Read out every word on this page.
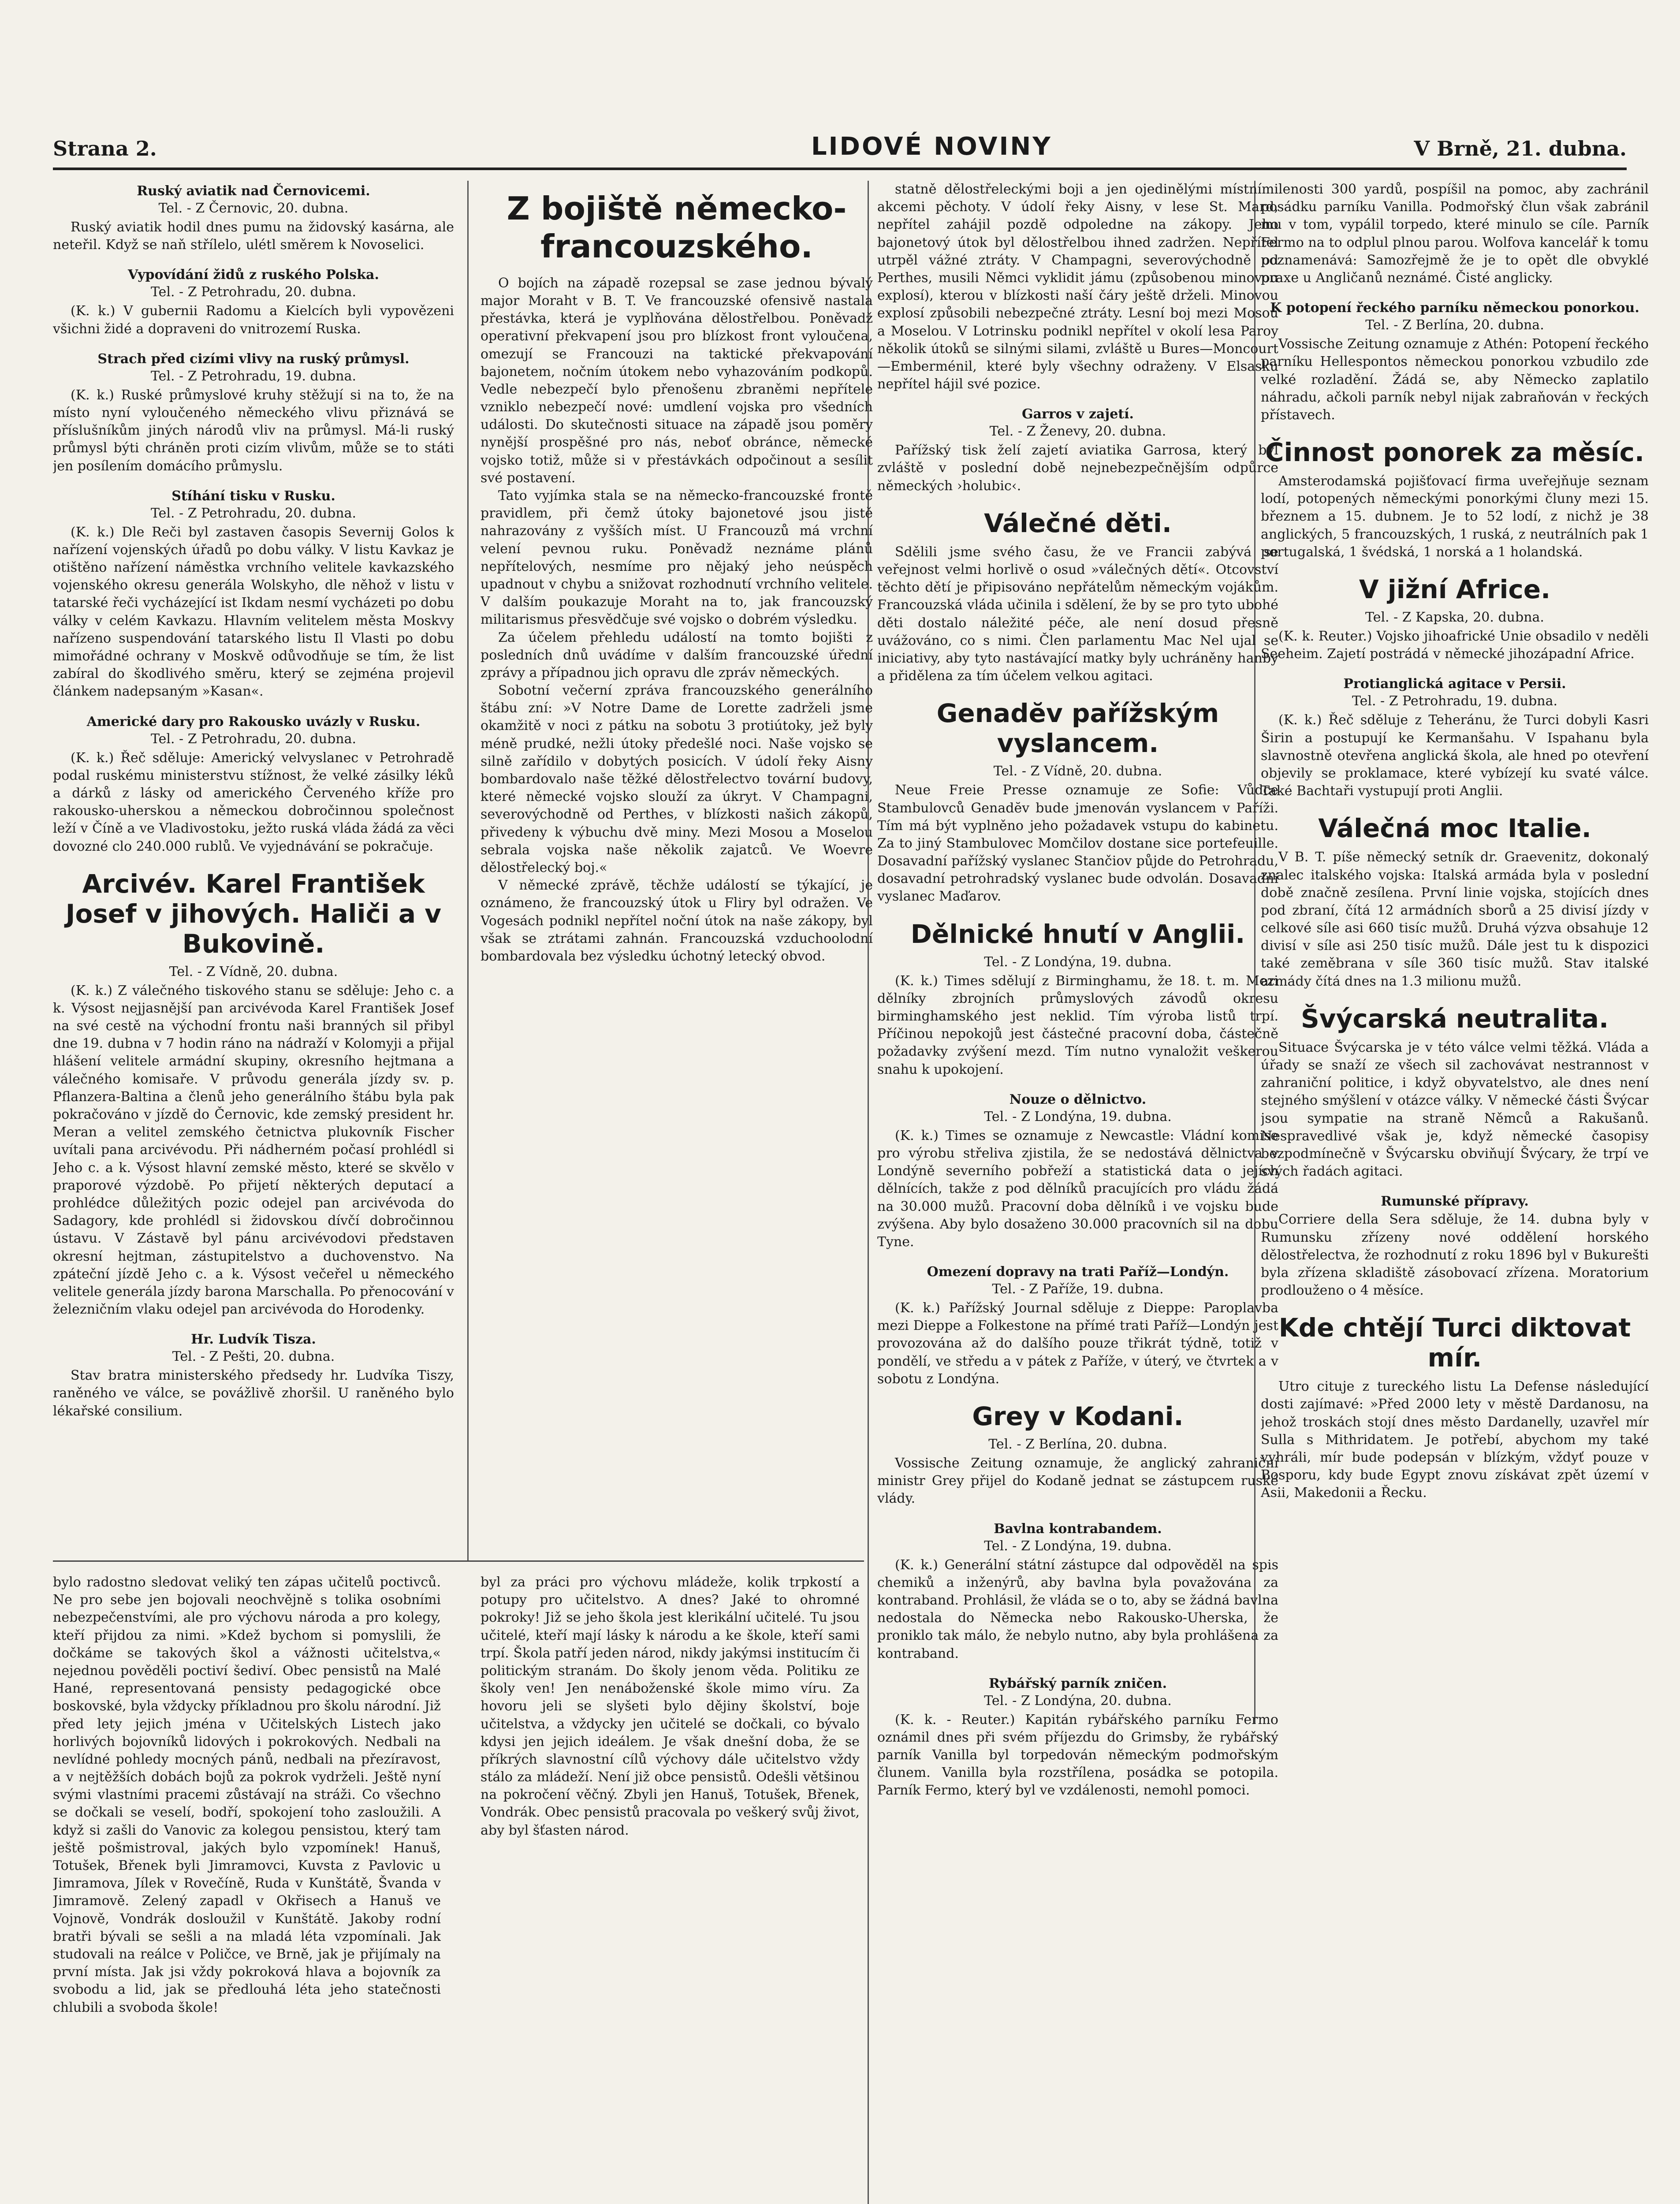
Strana 2.	LIDOVÉ NOVINY	V Brně, 21. dubna.
Ruský aviatik nad Černovicemi.
Tel. - Z Černovic, 20. dubna.

Ruský aviatik hodil dnes pumu na židovský kasárna, ale neteřil. Když se naň střílelo, ulétl směrem k Novoselici.

Vypovídání židů z ruského Polska.
Tel. - Z Petrohradu, 20. dubna.

(K. k.) V gubernii Radomu a Kielcích byli vypovězeni všichni židé a dopraveni do vnitrozemí Ruska.

Strach před cizími vlivy na ruský průmysl.
Tel. - Z Petrohradu, 19. dubna.

(K. k.) Ruské průmyslové kruhy stěžují si na to, že na místo nyní vyloučeného německého vlivu přiznává se příslušníkům jiných národů vliv na průmysl. Má-li ruský průmysl býti chráněn proti cizím vlivům, může se to státi jen posílením domácího průmyslu.

Stíhání tisku v Rusku.
Tel. - Z Petrohradu, 20. dubna.

(K. k.) Dle Reči byl zastaven časopis Severnij Golos k nařízení vojenských úřadů po dobu války. V listu Kavkaz je otištěno nařízení náměstka vrchního velitele kavkazského vojenského okresu generála Wolskyho, dle něhož v listu v tatarské řeči vycházející ist Ikdam nesmí vycházeti po dobu války v celém Kavkazu. Hlavním velitelem města Moskvy nařízeno suspendování tatarského listu Il Vlasti po dobu mimořádné ochrany v Moskvě odůvodňuje se tím, že list zabíral do škodlivého směru, který se zejména projevil článkem nadepsaným »Kasan«.

Americké dary pro Rakousko uvázly v Rusku.
Tel. - Z Petrohradu, 20. dubna.

(K. k.) Řeč sděluje: Americký velvyslanec v Petrohradě podal ruskému ministerstvu stížnost, že velké zásilky léků a dárků z lásky od amerického Červeného kříže pro rakousko-uherskou a německou dobročinnou společnost leží v Číně a ve Vladivostoku, ježto ruská vláda žádá za věci dovozné clo 240.000 rublů. Ve vyjednávání se pokračuje.

Arcivév. Karel František Josef v jihových. Haliči a v Bukovině.
Tel. - Z Vídně, 20. dubna.

(K. k.) Z válečného tiskového stanu se sděluje: Jeho c. a k. Výsost nejjasnější pan arcivévoda Karel František Josef na své cestě na východní frontu naši branných sil přibyl dne 19. dubna v 7 hodin ráno na nádraží v Kolomyji a přijal hlášení velitele armádní skupiny, okresního hejtmana a válečného komisaře. V průvodu generála jízdy sv. p. Pflanzera-Baltina a členů jeho generálního štábu byla pak pokračováno v jízdě do Černovic, kde zemský president hr. Meran a velitel zemského četnictva plukovník Fischer uvítali pana arcivévodu. Při nádherném počasí prohlédl si Jeho c. a k. Výsost hlavní zemské město, které se skvělo v praporové výzdobě. Po přijetí některých deputací a prohlédce důležitých pozic odejel pan arcivévoda do Sadagory, kde prohlédl si židovskou dívčí dobročinnou ústavu. V Zástavě byl pánu arcivévodovi představen okresní hejtman, zástupitelstvo a duchovenstvo. Na zpáteční jízdě Jeho c. a k. Výsost večeřel u německého velitele generála jízdy barona Marschalla. Po přenocování v železničním vlaku odejel pan arcivévoda do Horodenky.

Hr. Ludvík Tisza.
Tel. - Z Pešti, 20. dubna.

Stav bratra ministerského předsedy hr. Ludvíka Tiszy, raněného ve válce, se povážlivě zhoršil. U raněného bylo lékařské consilium.

Z bojiště německo-francouzského.

O bojích na západě rozepsal se zase jednou bývalý major Moraht v B. T. Ve francouzské ofensivě nastala přestávka, která je vyplňována dělostřelbou. Poněvadž operativní překvapení jsou pro blízkost front vyloučena, omezují se Francouzi na taktické překvapování bajonetem, nočním útokem nebo vyhazováním podkopů. Vedle nebezpečí bylo přenošenu zbraněmi nepřítele vzniklo nebezpečí nové: umdlení vojska pro všedních události. Do skutečnosti situace na západě jsou poměry nynější prospěšné pro nás, neboť obránce, německé vojsko totiž, může si v přestávkách odpočinout a sesílit své postavení.

Tato vyjímka stala se na německo-francouzské frontě pravidlem, při čemž útoky bajonetové jsou jistě nahrazovány z vyšších míst. U Francouzů má vrchní velení pevnou ruku. Poněvadž neznáme plánů nepřítelových, nesmíme pro nějaký jeho neúspěch upadnout v chybu a snižovat rozhodnutí vrchního velitele. V dalším poukazuje Moraht na to, jak francouzský militarismus přesvědčuje své vojsko o dobrém výsledku.

Za účelem přehledu událostí na tomto bojišti z posledních dnů uvádíme v dalším francouzské úřední zprávy a případnou jich opravu dle zpráv německých.

Sobotní večerní zpráva francouzského generálního štábu zní: »V Notre Dame de Lorette zadrželi jsme okamžitě v noci z pátku na sobotu 3 protiútoky, jež byly méně prudké, nežli útoky předešlé noci. Naše vojsko se silně zařídilo v dobytých posicích. V údolí řeky Aisny bombardovalo naše těžké dělostřelectvo tovární budovy, které německé vojsko slouží za úkryt. V Champagni, severovýchodně od Perthes, v blízkosti našich zákopů, přivedeny k výbuchu dvě miny. Mezi Mosou a Moselou sebrala vojska naše několik zajatců. Ve Woevre dělostřelecký boj.«

V německé zprávě, těchže událostí se týkající, je oznámeno, že francouzský útok u Fliry byl odražen. Ve Vogesách podnikl nepřítel noční útok na naše zákopy, byl však se ztrátami zahnán. Francouzská vzduchoolodní bombardovala bez výsledku úchotný letecký obvod.

statně dělostřeleckými boji a jen ojedinělými místními akcemi pěchoty. V údolí řeky Aisny, v lese St. Mard, nepřítel zahájil pozdě odpoledne na zákopy. Jeho bajonetový útok byl dělostřelbou ihned zadržen. Nepřítel utrpěl vážné ztráty. V Champagni, severovýchodně od Perthes, musili Němci vyklidit jámu (způsobenou minovou explosí), kterou v blízkosti naší čáry ještě drželi. Minovou explosí způsobili nebezpečné ztráty. Lesní boj mezi Mosou a Moselou. V Lotrinsku podnikl nepřítel v okolí lesa Paroy několik útoků se silnými silami, zvláště u Bures—Moncourt—Emberménil, které byly všechny odraženy. V Elsasku nepřítel hájil své pozice.

Garros v zajetí.
Tel. - Z Ženevy, 20. dubna.

Pařížský tisk želí zajetí aviatika Garrosa, který byl zvláště v poslední době nejnebezpečnějším odpůrce německých ›holubic‹.

Válečné děti.

Sdělili jsme svého času, že ve Francii zabývá se veřejnost velmi horlivě o osud »válečných dětí«. Otcovství těchto dětí je připisováno nepřátelům německým vojákům. Francouzská vláda učinila i sdělení, že by se pro tyto ubohé děti dostalo náležité péče, ale není dosud přesně uvážováno, co s nimi. Člen parlamentu Mac Nel ujal se iniciativy, aby tyto nastávající matky byly uchráněny hanby a přidělena za tím účelem velkou agitaci.

Genadĕv pařížským vyslancem.
Tel. - Z Vídně, 20. dubna.

Neue Freie Presse oznamuje ze Sofie: Vůdce Stambulovců Genadĕv bude jmenován vyslancem v Paříži. Tím má být vyplněno jeho požadavek vstupu do kabinetu. Za to jiný Stambulovec Momčilov dostane sice portefeuille. Dosavadní pařížský vyslanec Stančiov půjde do Petrohradu, dosavadní petrohradský vyslanec bude odvolán. Dosavadní vyslanec Maďarov.

Dělnické hnutí v Anglii.
Tel. - Z Londýna, 19. dubna.

(K. k.) Times sdělují z Birminghamu, že 18. t. m. Mezi dělníky zbrojních průmyslových závodů okresu birminghamského jest neklid. Tím výroba listů trpí. Příčinou nepokojů jest částečné pracovní doba, částečně požadavky zvýšení mezd. Tím nutno vynaložit veškerou snahu k upokojení.

Nouze o dělnictvo.
Tel. - Z Londýna, 19. dubna.

(K. k.) Times se oznamuje z Newcastle: Vládní komise pro výrobu střeliva zjistila, že se nedostává dělnictva v Londýně severního pobřeží a statistická data o jejích dělnících, takže z pod dělníků pracujících pro vládu žádá na 30.000 mužů. Pracovní doba dělníků i ve vojsku bude zvýšena. Aby bylo dosaženo 30.000 pracovních sil na dobu Tyne.

Omezení dopravy na trati Paříž—Londýn.
Tel. - Z Paříže, 19. dubna.

(K. k.) Pařížský Journal sděluje z Dieppe: Paroplavba mezi Dieppe a Folkestone na přímé trati Paříž—Londýn jest provozována až do dalšího pouze třikrát týdně, totiž v pondělí, ve středu a v pátek z Paříže, v úterý, ve čtvrtek a v sobotu z Londýna.

Grey v Kodani.
Tel. - Z Berlína, 20. dubna.

Vossische Zeitung oznamuje, že anglický zahraniční ministr Grey přijel do Kodaně jednat se zástupcem ruské vlády.

Bavlna kontrabandem.
Tel. - Z Londýna, 19. dubna.

(K. k.) Generální státní zástupce dal odpověděl na spis chemiků a inženýrů, aby bavlna byla považována za kontraband. Prohlásil, že vláda se o to, aby se žádná bavlna nedostala do Německa nebo Rakousko-Uherska, že proniklo tak málo, že nebylo nutno, aby byla prohlášena za kontraband.

Rybářský parník zničen.
Tel. - Z Londýna, 20. dubna.

(K. k. - Reuter.) Kapitán rybářského parníku Fermo oznámil dnes při svém příjezdu do Grimsby, že rybářský parník Vanilla byl torpedován německým podmořským člunem. Vanilla byla rozstřílena, posádka se potopila. Parník Fermo, který byl ve vzdálenosti, nemohl pomoci.

lenosti 300 yardů, pospíšil na pomoc, aby zachránil posádku parníku Vanilla. Podmořský člun však zabránil mu v tom, vypálil torpedo, které minulo se cíle. Parník Fermo na to odplul plnou parou. Wolfova kancelář k tomu poznamenává: Samozřejmě že je to opět dle obvyklé praxe u Angličanů neznámé. Čisté anglicky.

K potopení řeckého parníku německou ponorkou.
Tel. - Z Berlína, 20. dubna.

Vossische Zeitung oznamuje z Athén: Potopení řeckého parníku Hellespontos německou ponorkou vzbudilo zde velké rozladění. Žádá se, aby Německo zaplatilo náhradu, ačkoli parník nebyl nijak zabraňován v řeckých přístavech.

Činnost ponorek za měsíc.

Amsterodamská pojišťovací firma uveřejňuje seznam lodí, potopených německými ponorkými čluny mezi 15. březnem a 15. dubnem. Je to 52 lodí, z nichž je 38 anglických, 5 francouzských, 1 ruská, z neutrálních pak 1 portugalská, 1 švédská, 1 norská a 1 holandská.

V jižní Africe.
Tel. - Z Kapska, 20. dubna.

(K. k. Reuter.) Vojsko jihoafrické Unie obsadilo v neděli Seeheim. Zajetí postrádá v německé jihozápadní Africe.

Protianglická agitace v Persii.
Tel. - Z Petrohradu, 19. dubna.

(K. k.) Řeč sděluje z Teheránu, že Turci dobyli Kasri Širin a postupují ke Kermanšahu. V Ispahanu byla slavnostně otevřena anglická škola, ale hned po otevření objevily se proklamace, které vybízejí ku svaté válce. Také Bachtaři vystupují proti Anglii.

Válečná moc Italie.

V B. T. píše německý setník dr. Graevenitz, dokonalý znalec italského vojska: Italská armáda byla v poslední době značně zesílena. První linie vojska, stojících dnes pod zbraní, čítá 12 armádních sborů a 25 divisí jízdy v celkové síle asi 660 tisíc mužů. Druhá výzva obsahuje 12 divisí v síle asi 250 tisíc mužů. Dále jest tu k dispozici také zeměbrana v síle 360 tisíc mužů. Stav italské armády čítá dnes na 1.3 milionu mužů.

Švýcarská neutralita.

Situace Švýcarska je v této válce velmi těžká. Vláda a úřady se snaží ze všech sil zachovávat nestrannost v zahraniční politice, i když obyvatelstvo, ale dnes není stejného smýšlení v otázce války. V německé části Švýcar jsou sympatie na straně Němců a Rakušanů. Nespravedlivé však je, když německé časopisy bezpodmínečně v Švýcarsku obviňují Švýcary, že trpí ve svých řadách agitaci.

Rumunské přípravy.

Corriere della Sera sděluje, že 14. dubna byly v Rumunsku zřízeny nové oddělení horského dělostřelectva, že rozhodnutí z roku 1896 byl v Bukurešti byla zřízena skladiště zásobovací zřízena. Moratorium prodlouženo o 4 měsíce.

Kde chtějí Turci diktovat mír.

Utro cituje z tureckého listu La Defense následující dosti zajímavé: »Před 2000 lety v městě Dardanosu, na jehož troskách stojí dnes město Dardanelly, uzavřel mír Sulla s Mithridatem. Je potřebí, abychom my také vyhráli, mír bude podepsán v blízkým, vždyť pouze v Bosporu, kdy bude Egypt znovu získávat zpět území v Asii, Makedonii a Řecku.

bylo radostno sledovat veliký ten zápas učitelů poctivců. Ne pro sebe jen bojovali neochvějně s tolika osobními nebezpečenstvími, ale pro výchovu národa a pro kolegy, kteří přijdou za nimi. »Kdež bychom si pomyslili, že dočkáme se takových škol a vážnosti učitelstva,« nejednou pověděli poctiví šediví. Obec pensistů na Malé Hané, representovaná pensisty pedagogické obce boskovské, byla vždycky příkladnou pro školu národní. Již před lety jejich jména v Učitelských Listech jako horlivých bojovníků lidových i pokrokových. Nedbali na nevlídné pohledy mocných pánů, nedbali na přezíravost, a v nejtěžších dobách bojů za pokrok vydrželi. Ještě nyní svými vlastními pracemi zůstávají na stráži. Co všechno se dočkali se veselí, bodří, spokojení toho zasloužili. A když si zašli do Vanovic za kolegou pensistou, který tam ještě pošmistroval, jakých bylo vzpomínek! Hanuš, Totušek, Břenek byli Jimramovci, Kuvsta z Pavlovic u Jimramova, Jílek v Rovečíně, Ruda v Kunštátě, Švanda v Jimramově. Zelený zapadl v Okřisech a Hanuš ve Vojnově, Vondrák dosloužil v Kunštátě. Jakoby rodní bratři bývali se sešli a na mladá léta vzpomínali. Jak studovali na reálce v Poličce, ve Brně, jak je přijímaly na první místa. Jak jsi vždy pokroková hlava a bojovník za svobodu a lid, jak se předlouhá léta jeho statečnosti chlubili a svoboda škole!
byl za práci pro výchovu mládeže, kolik trpkostí a potupy pro učitelstvo. A dnes? Jaké to ohromné pokroky! Již se jeho škola jest klerikální učitelé. Tu jsou učitelé, kteří mají lásky k národu a ke škole, kteří sami trpí. Škola patří jeden národ, nikdy jakýmsi institucím či politickým stranám. Do školy jenom věda. Politiku ze školy ven! Jen nenáboženské škole mimo víru. Za hovoru jeli se slyšeti bylo dějiny školství, boje učitelstva, a vždycky jen učitelé se dočkali, co bývalo kdysi jen jejich ideálem. Je však dnešní doba, že se příkrých slavnostní cílů výchovy dále učitelstvo vždy stálo za mládeží. Není již obce pensistů. Odešli většinou na pokročení věčný. Zbyli jen Hanuš, Totušek, Břenek, Vondrák. Obec pensistů pracovala po veškerý svůj život, aby byl šťasten národ.
